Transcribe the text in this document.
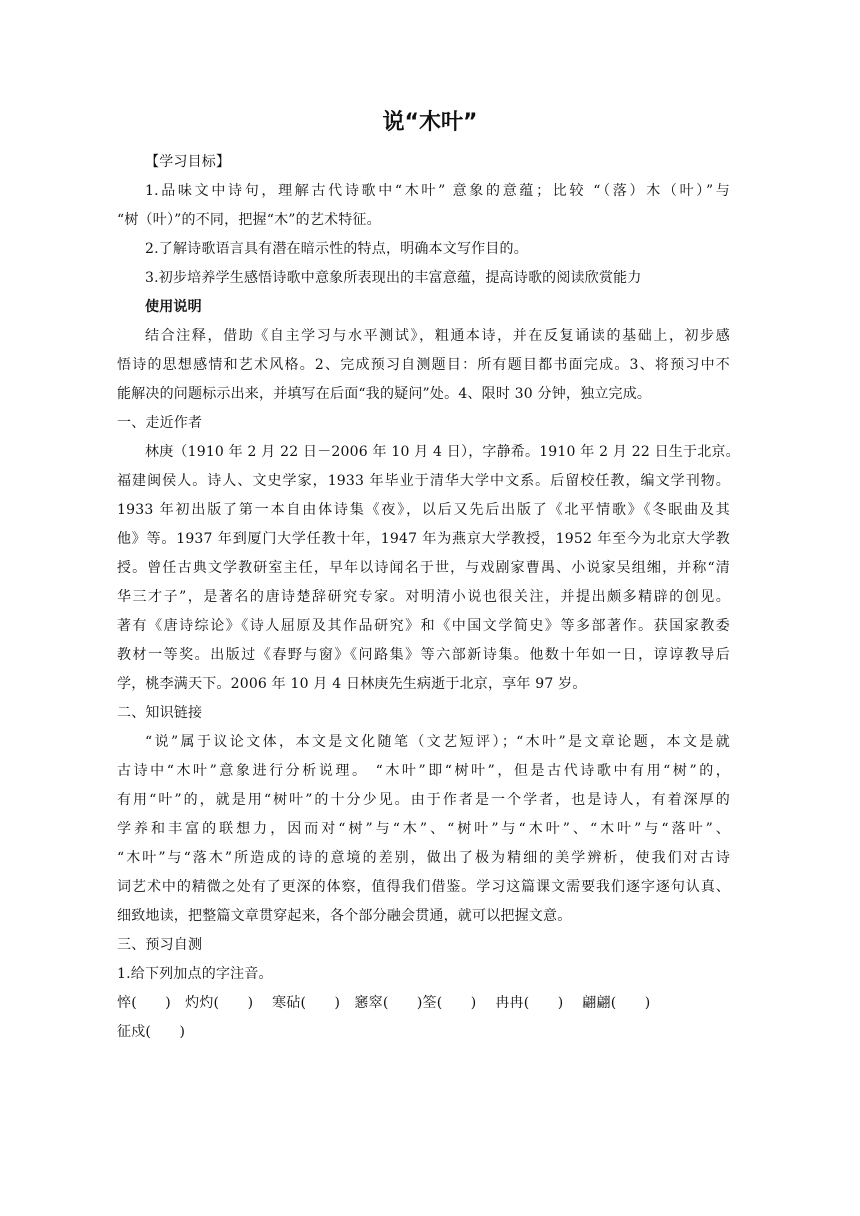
说“木叶”
【学习目标】
1.品味文中诗句，理解古代诗歌中“木叶” 意象的意蕴；比较 “（落）木（叶）”与
“树（叶）”的不同，把握“木”的艺术特征。
2.了解诗歌语言具有潜在暗示性的特点，明确本文写作目的。
3.初步培养学生感悟诗歌中意象所表现出的丰富意蕴，提高诗歌的阅读欣赏能力
使用说明
结合注释，借助《自主学习与水平测试》，粗通本诗，并在反复诵读的基础上，初步感
悟诗的思想感情和艺术风格。2、完成预习自测题目：所有题目都书面完成。3、将预习中不
能解决的问题标示出来，并填写在后面“我的疑问”处。4、限时 30 分钟，独立完成。
一、走近作者
林庚（1910 年 2 月 22 日－2006 年 10 月 4 日），字静希。1910 年 2 月 22 日生于北京。
福建闽侯人。诗人、文史学家，1933 年毕业于清华大学中文系。后留校任教，编文学刊物。
1933 年初出版了第一本自由体诗集《夜》，以后又先后出版了《北平情歌》《冬眠曲及其
他》等。1937 年到厦门大学任教十年，1947 年为燕京大学教授，1952 年至今为北京大学教
授。曾任古典文学教研室主任，早年以诗闻名于世，与戏剧家曹禺、小说家吴组缃，并称“清
华三才子”，是著名的唐诗楚辞研究专家。对明清小说也很关注，并提出颇多精辟的创见。
著有《唐诗综论》《诗人屈原及其作品研究》和《中国文学简史》等多部著作。获国家教委
教材一等奖。出版过《春野与窗》《问路集》等六部新诗集。他数十年如一日，谆谆教导后
学，桃李满天下。2006 年 10 月 4 日林庚先生病逝于北京，享年 97 岁。
二、知识链接
“说”属于议论文体，本文是文化随笔（文艺短评）；“木叶”是文章论题，本文是就
古诗中“木叶”意象进行分析说理。 “木叶”即“树叶”，但是古代诗歌中有用“树”的，
有用“叶”的，就是用“树叶”的十分少见。由于作者是一个学者，也是诗人，有着深厚的
学养和丰富的联想力，因而对“树”与“木”、“树叶”与“木叶”、“木叶”与“落叶”、
“木叶”与“落木”所造成的诗的意境的差别，做出了极为精细的美学辨析，使我们对古诗
词艺术中的精微之处有了更深的体察，值得我们借鉴。学习这篇课文需要我们逐字逐句认真、
细致地读，把整篇文章贯穿起来，各个部分融会贯通，就可以把握文意。
三、预习自测
1.给下列加点的字注音。
悴(　　)　灼灼(　　)　 寒砧(　　)　窸窣(　　)筌(　　)　 冉冉(　　)　 翩翩(　　)
征戍(　　)
